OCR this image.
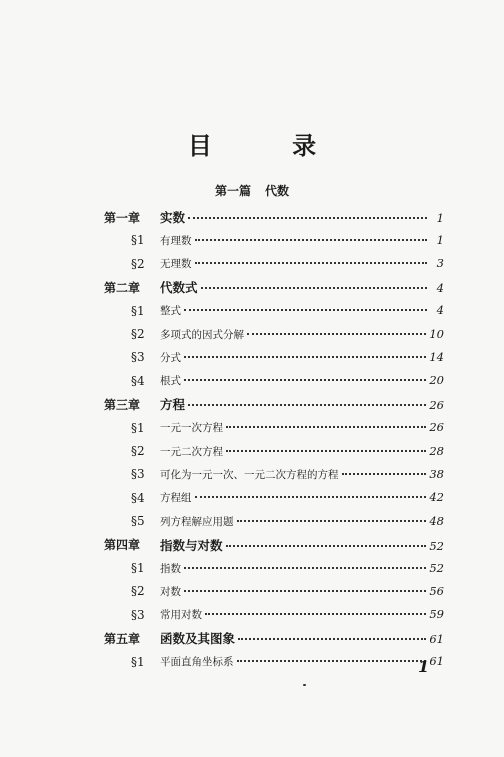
目 录
第一篇 代数
第一章 实数	1
§1 有理数	1
§2 无理数	3
第二章 代数式	4
§1 整式	4
§2 多项式的因式分解	10
§3 分式	14
§4 根式	20
第三章 方程	26
§1 一元一次方程	26
§2 一元二次方程	28
§3 可化为一元一次、一元二次方程的方程	38
§4 方程组	42
§5 列方程解应用题	48
第四章 指数与对数	52
§1 指数	52
§2 对数	56
§3 常用对数	59
第五章 函数及其图象	61
§1 平面直角坐标系	61
1
